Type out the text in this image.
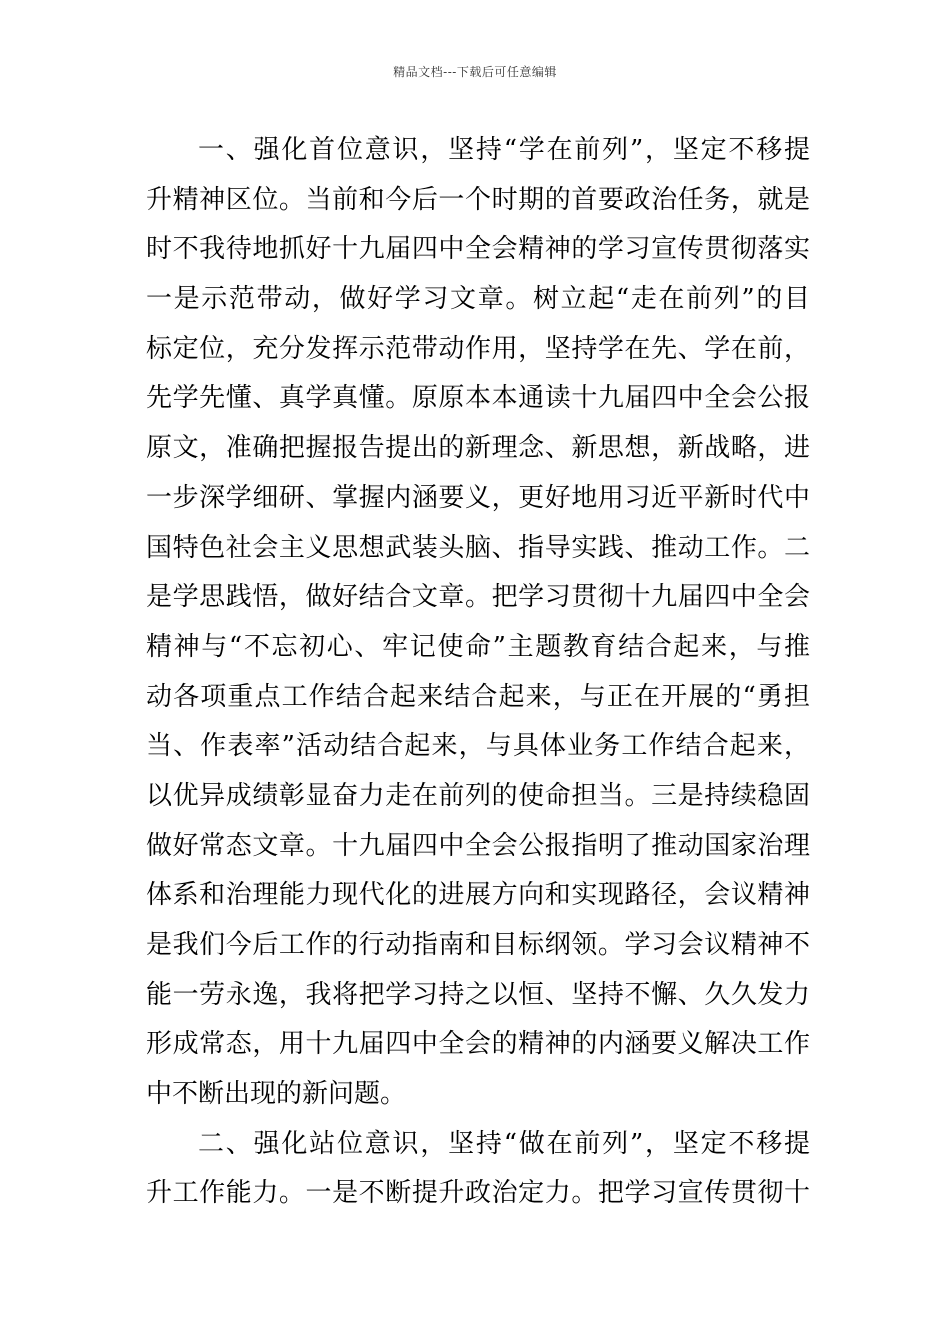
精品文档---下载后可任意编辑
一、强化首位意识，坚持“学在前列”，坚定不移提
升精神区位。当前和今后一个时期的首要政治任务，就是
时不我待地抓好十九届四中全会精神的学习宣传贯彻落实
一是示范带动，做好学习文章。树立起“走在前列”的目
标定位，充分发挥示范带动作用，坚持学在先、学在前，
先学先懂、真学真懂。原原本本通读十九届四中全会公报
原文，准确把握报告提出的新理念、新思想，新战略，进
一步深学细研、掌握内涵要义，更好地用习近平新时代中
国特色社会主义思想武装头脑、指导实践、推动工作。二
是学思践悟，做好结合文章。把学习贯彻十九届四中全会
精神与“不忘初心、牢记使命”主题教育结合起来，与推
动各项重点工作结合起来结合起来，与正在开展的“勇担
当、作表率”活动结合起来，与具体业务工作结合起来，
以优异成绩彰显奋力走在前列的使命担当。三是持续稳固
做好常态文章。十九届四中全会公报指明了推动国家治理
体系和治理能力现代化的进展方向和实现路径，会议精神
是我们今后工作的行动指南和目标纲领。学习会议精神不
能一劳永逸，我将把学习持之以恒、坚持不懈、久久发力
形成常态，用十九届四中全会的精神的内涵要义解决工作
中不断出现的新问题。
二、强化站位意识，坚持“做在前列”，坚定不移提
升工作能力。一是不断提升政治定力。把学习宣传贯彻十
